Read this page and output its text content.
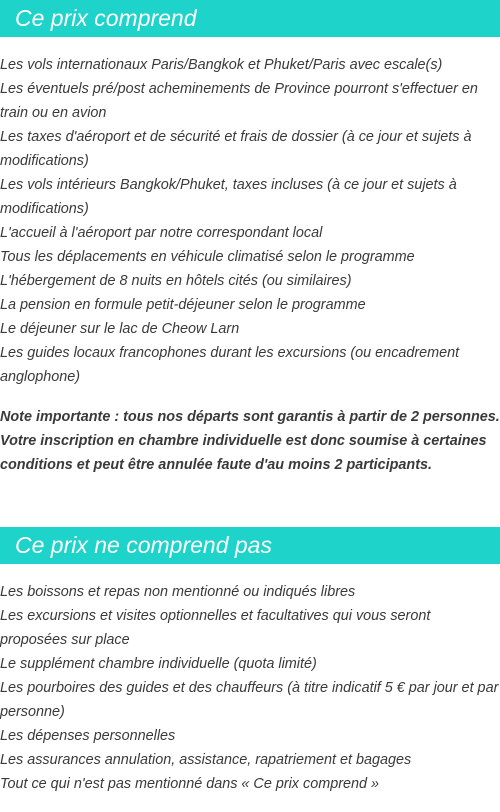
Ce prix comprend
Les vols internationaux Paris/Bangkok et Phuket/Paris avec escale(s)
Les éventuels pré/post acheminements de Province pourront s'effectuer en train ou en avion
Les taxes d'aéroport et de sécurité et frais de dossier (à ce jour et sujets à modifications)
Les vols intérieurs Bangkok/Phuket, taxes incluses (à ce jour et sujets à modifications)
L'accueil à l'aéroport par notre correspondant local
Tous les déplacements en véhicule climatisé selon le programme
L'hébergement de 8 nuits en hôtels cités (ou similaires)
La pension en formule petit-déjeuner selon le programme
Le déjeuner sur le lac de Cheow Larn
Les guides locaux francophones durant les excursions (ou encadrement anglophone)

Note importante : tous nos départs sont garantis à partir de 2 personnes.
Votre inscription en chambre individuelle est donc soumise à certaines
conditions et peut être annulée faute d'au moins 2 participants.

Ce prix ne comprend pas
Les boissons et repas non mentionné ou indiqués libres
Les excursions et visites optionnelles et facultatives qui vous seront proposées sur place
Le supplément chambre individuelle (quota limité)
Les pourboires des guides et des chauffeurs (à titre indicatif 5 € par jour et par personne)
Les dépenses personnelles
Les assurances annulation, assistance, rapatriement et bagages
Tout ce qui n'est pas mentionné dans « Ce prix comprend »
